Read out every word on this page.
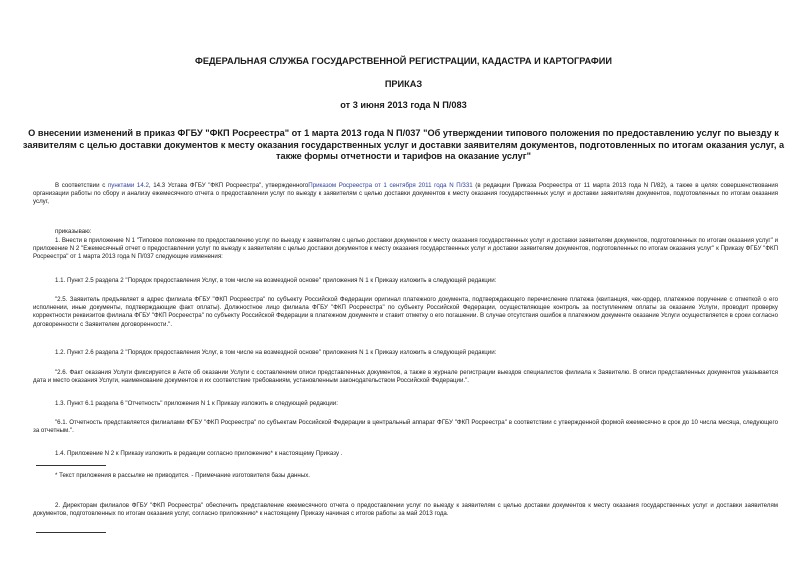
ФЕДЕРАЛЬНАЯ СЛУЖБА ГОСУДАРСТВЕННОЙ РЕГИСТРАЦИИ, КАДАСТРА И КАРТОГРАФИИ
ПРИКАЗ
от 3 июня 2013 года N П/083
О внесении изменений в приказ ФГБУ "ФКП Росреестра" от 1 марта 2013 года N П/037 "Об утверждении типового положения по предоставлению услуг по выезду к заявителям с целью доставки документов к месту оказания государственных услуг и доставки заявителям документов, подготовленных по итогам оказания услуг, а также формы отчетности и тарифов на оказание услуг"
В соответствии с пунктами 14.2, 14.3 Устава ФГБУ "ФКП Росреестра", утвержденногоПриказом Росреестра от 1 сентября 2011 года N П/331 (в редакции Приказа Росреестра от 11 марта 2013 года N П/82), а также в целях совершенствования организации работы по сбору и анализу ежемесячного отчета о предоставлении услуг по выезду к заявителям с целью доставки документов к месту оказания государственных услуг и доставки заявителям документов, подготовленных по итогам оказания услуг,
приказываю:
1. Внести в приложение N 1 "Типовое положение по предоставлению услуг по выезду к заявителям с целью доставки документов к месту оказания государственных услуг и доставки заявителям документов, подготовленных по итогам оказания услуг" и приложение N 2 "Ежемесячный отчет о предоставлении услуг по выезду к заявителям с целью доставки документов к месту оказания государственных услуг и доставки заявителям документов, подготовленных по итогам оказания услуг" к Приказу ФГБУ "ФКП Росреестра" от 1 марта 2013 года N П/037 следующие изменения:
1.1. Пункт 2.5 раздела 2 "Порядок предоставления Услуг, в том числе на возмездной основе" приложения N 1 к Приказу изложить в следующей редакции:
"2.5. Заявитель предъявляет в адрес филиала ФГБУ "ФКП Росреестра" по субъекту Российской Федерации оригинал платежного документа, подтверждающего перечисление платежа (квитанция, чек-ордер, платежное поручение с отметкой о его исполнении, иные документы, подтверждающие факт оплаты). Должностное лицо филиала ФГБУ "ФКП Росреестра" по субъекту Российской Федерации, осуществляющее контроль за поступлением оплаты за оказание Услуги, проводит проверку корректности реквизитов филиала ФГБУ "ФКП Росреестра" по субъекту Российской Федерации в платежном документе и ставит отметку о его погашении. В случае отсутствия ошибок в платежном документе оказание Услуги осуществляется в сроки согласно договоренности с Заявителем договоренности.".
1.2. Пункт 2.6 раздела 2 "Порядок предоставления Услуг, в том числе на возмездной основе" приложения N 1 к Приказу изложить в следующей редакции:
"2.6. Факт оказания Услуги фиксируется в Акте об оказании Услуги с составлением описи представленных документов, а также в журнале регистрации выездов специалистов филиала к Заявителю. В описи представленных документов указывается дата и место оказания Услуги, наименование документов и их соответствие требованиям, установленным законодательством Российской Федерации.".
1.3. Пункт 6.1 раздела 6 "Отчетность" приложения N 1 к Приказу изложить в следующей редакции:
"6.1. Отчетность представляется филиалами ФГБУ "ФКП Росреестра" по субъектам Российской Федерации в центральный аппарат ФГБУ "ФКП Росреестра" в соответствии с утвержденной формой ежемесячно в срок до 10 числа месяца, следующего за отчетным.".
1.4. Приложение N 2 к Приказу изложить в редакции согласно приложению* к настоящему Приказу .
* Текст приложения в рассылке не приводится. - Примечание изготовителя базы данных.
2. Директорам филиалов ФГБУ "ФКП Росреестра" обеспечить представление ежемесячного отчета о предоставлении услуг по выезду к заявителям с целью доставки документов к месту оказания государственных услуг и доставки заявителям документов, подготовленных по итогам оказания услуг, согласно приложению* к настоящему Приказу начиная с итогов работы за май 2013 года.
